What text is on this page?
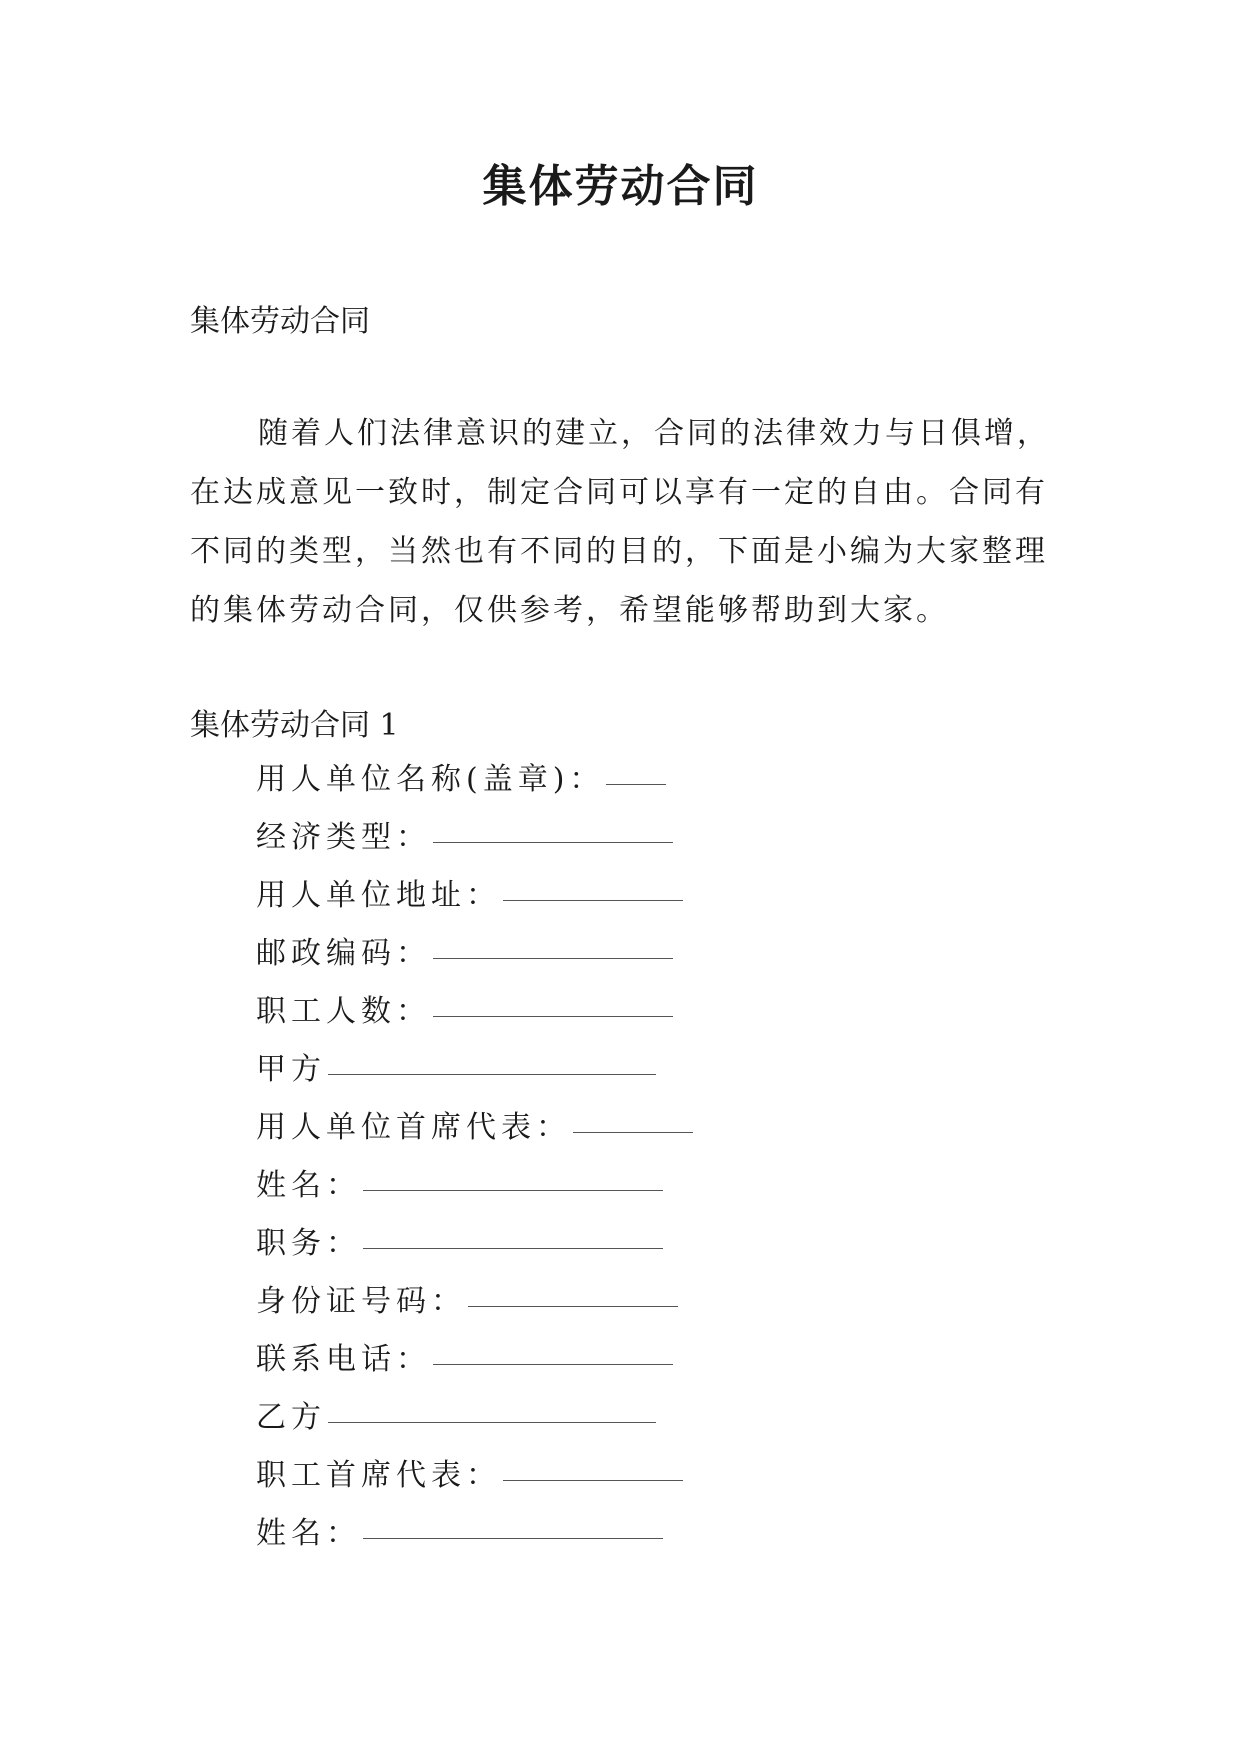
集体劳动合同
集体劳动合同

随着人们法律意识的建立，合同的法律效力与日俱增，在达成意见一致时，制定合同可以享有一定的自由。合同有不同的类型，当然也有不同的目的，下面是小编为大家整理的集体劳动合同，仅供参考，希望能够帮助到大家。

集体劳动合同 1
用人单位名称(盖章)：
经济类型：
用人单位地址：
邮政编码：
职工人数：
甲方
用人单位首席代表：
姓名：
职务：
身份证号码：
联系电话：
乙方
职工首席代表：
姓名：
